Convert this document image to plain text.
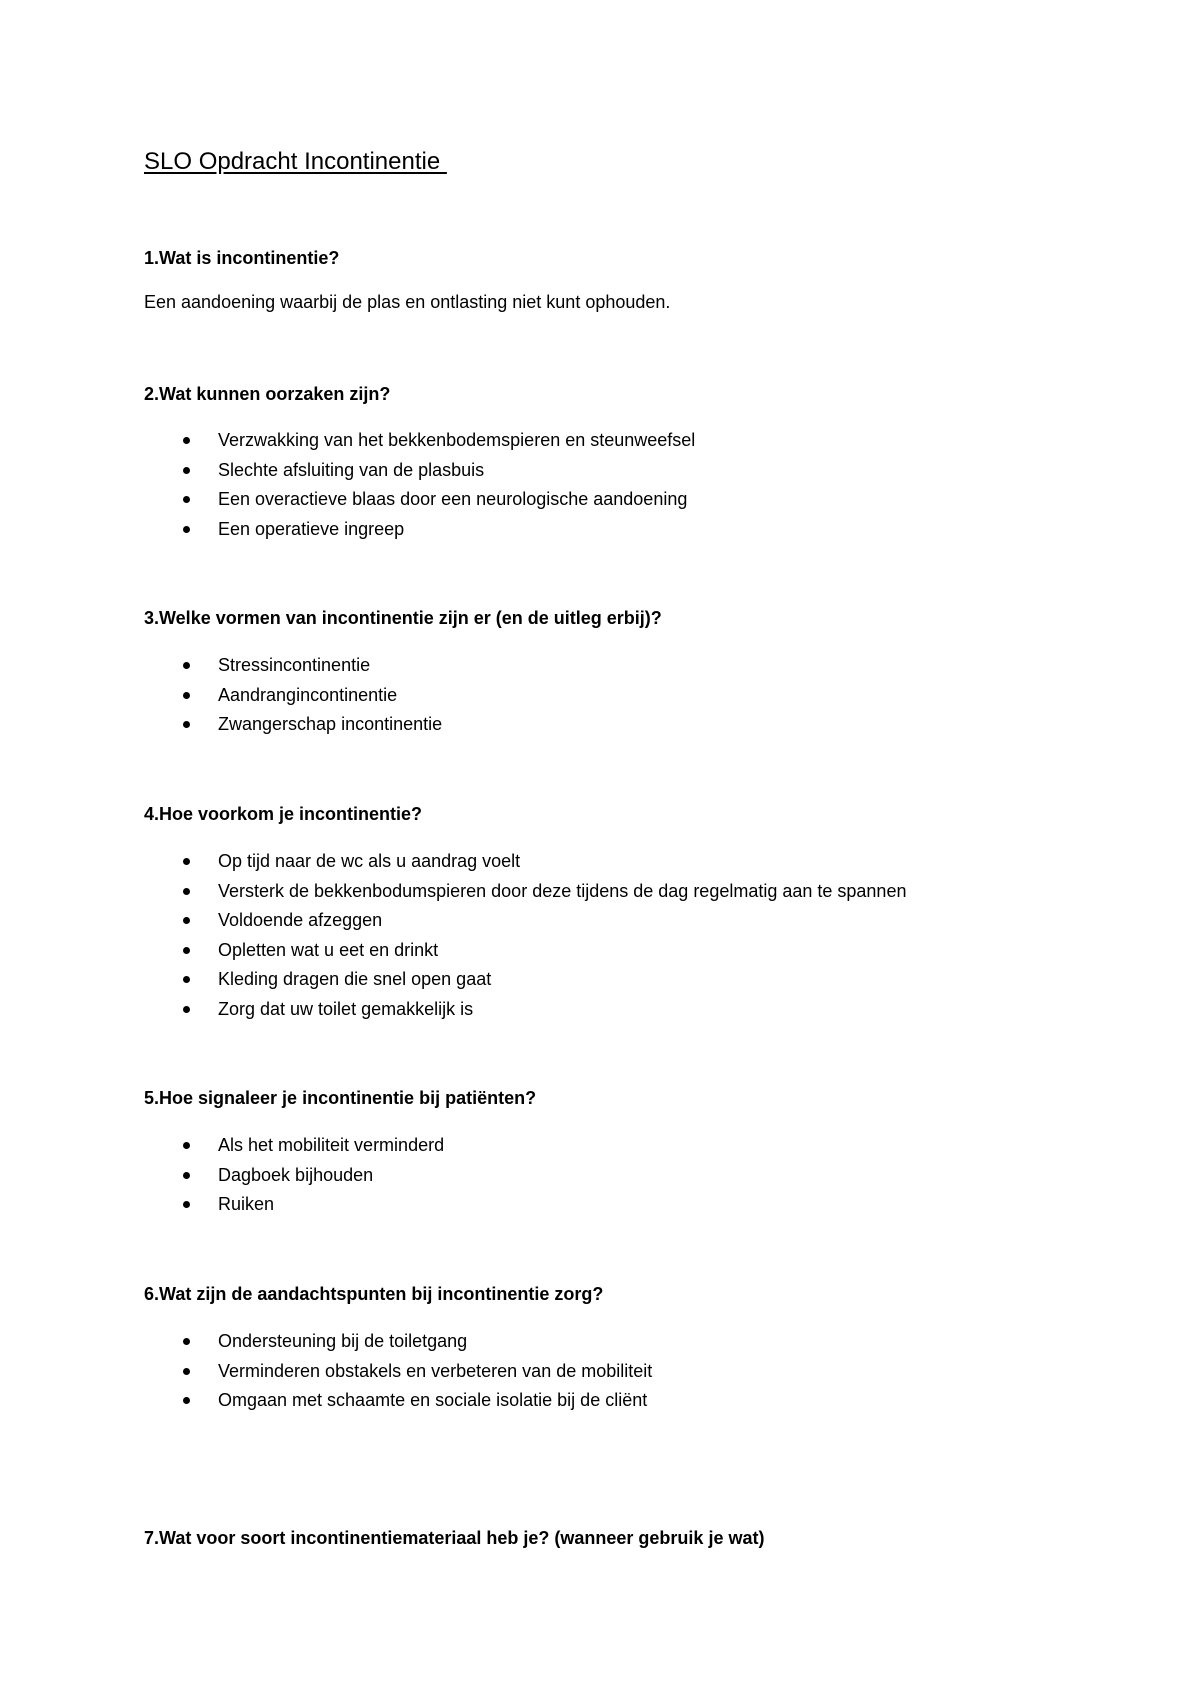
SLO Opdracht Incontinentie

1.Wat is incontinentie?

Een aandoening waarbij de plas en ontlasting niet kunt ophouden.

2.Wat kunnen oorzaken zijn?

Verzwakking van het bekkenbodemspieren en steunweefsel
Slechte afsluiting van de plasbuis
Een overactieve blaas door een neurologische aandoening
Een operatieve ingreep

3.Welke vormen van incontinentie zijn er (en de uitleg erbij)?

Stressincontinentie
Aandrangincontinentie
Zwangerschap incontinentie

4.Hoe voorkom je incontinentie?

Op tijd naar de wc als u aandrag voelt
Versterk de bekkenbodumspieren door deze tijdens de dag regelmatig aan te spannen
Voldoende afzeggen
Opletten wat u eet en drinkt
Kleding dragen die snel open gaat
Zorg dat uw toilet gemakkelijk is

5.Hoe signaleer je incontinentie bij patiënten?

Als het mobiliteit verminderd
Dagboek bijhouden
Ruiken

6.Wat zijn de aandachtspunten bij incontinentie zorg?

Ondersteuning bij de toiletgang
Verminderen obstakels en verbeteren van de mobiliteit
Omgaan met schaamte en sociale isolatie bij de cliënt

7.Wat voor soort incontinentiemateriaal heb je? (wanneer gebruik je wat)
